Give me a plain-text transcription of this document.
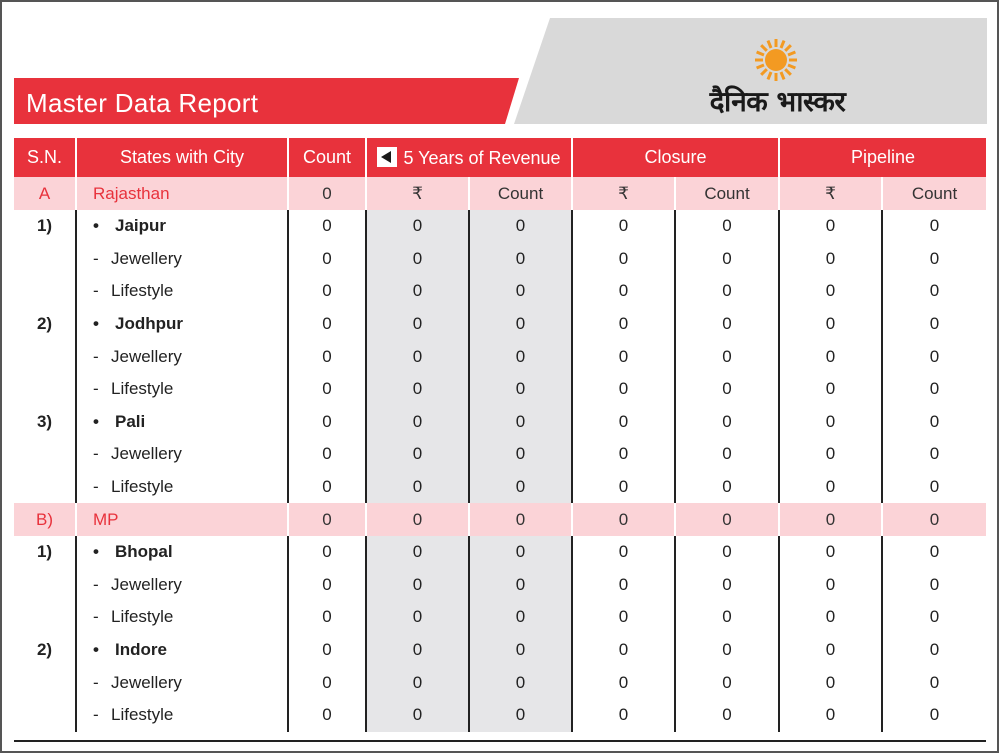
Master Data Report	दैनिक भास्कर
S.N.	States with City	Count	5 Years of Revenue		Closure		Pipeline	
A	Rajasthan	0	₹	Count	₹	Count	₹	Count
1)	• Jaipur	0	0	0	0	0	0	0
	- Jewellery	0	0	0	0	0	0	0
	- Lifestyle	0	0	0	0	0	0	0
2)	• Jodhpur	0	0	0	0	0	0	0
	- Jewellery	0	0	0	0	0	0	0
	- Lifestyle	0	0	0	0	0	0	0
3)	• Pali	0	0	0	0	0	0	0
	- Jewellery	0	0	0	0	0	0	0
	- Lifestyle	0	0	0	0	0	0	0
B)	MP	0	0	0	0	0	0	0
1)	• Bhopal	0	0	0	0	0	0	0
	- Jewellery	0	0	0	0	0	0	0
	- Lifestyle	0	0	0	0	0	0	0
2)	• Indore	0	0	0	0	0	0	0
	- Jewellery	0	0	0	0	0	0	0
	- Lifestyle	0	0	0	0	0	0	0
